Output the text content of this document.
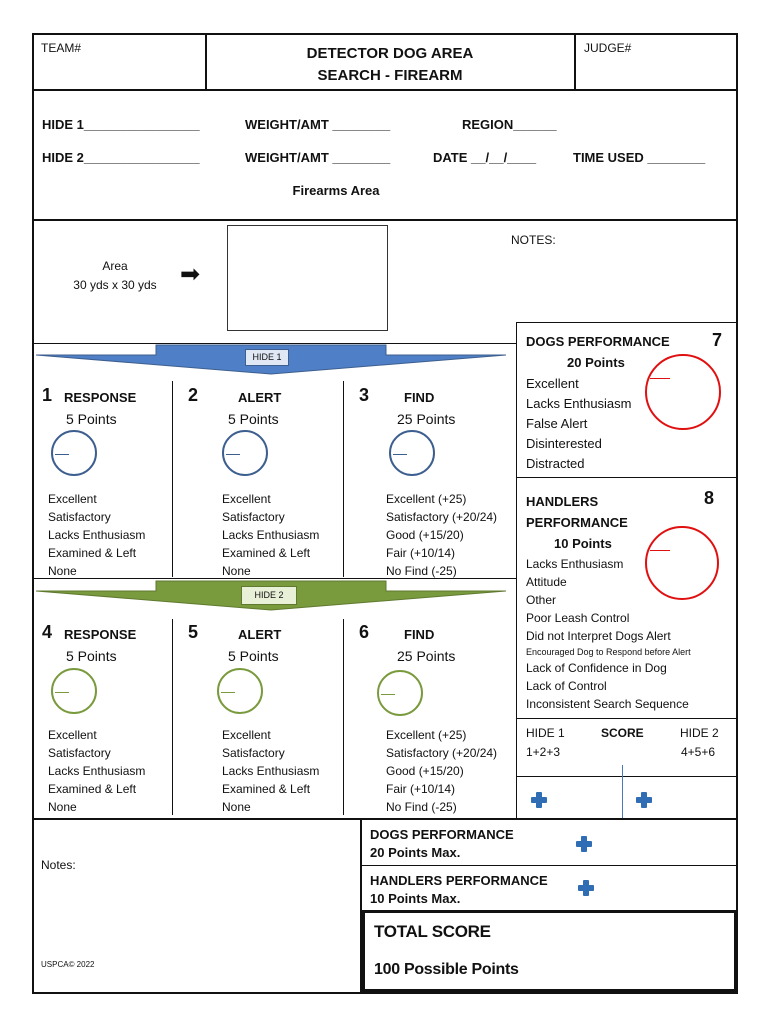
TEAM#	DETECTOR DOG AREA
SEARCH - FIREARM
JUDGE#
HIDE 1________________	WEIGHT/AMT ________	REGION______
HIDE 2________________	WEIGHT/AMT ________	DATE __/__/____	TIME USED ________
Firearms Area
Area
30 yds x 30 yds ➡
NOTES:
HIDE 1
1 RESPONSE
5 Points
Excellent
Satisfactory
Lacks Enthusiasm
Examined & Left
None
2	ALERT
5 Points
Excellent
Satisfactory
Lacks Enthusiasm
Examined & Left
None
3	FIND
25 Points
Excellent (+25)
Satisfactory (+20/24)
Good (+15/20)
Fair (+10/14)
No Find (-25)
HIDE 2
4 RESPONSE
5 Points
Excellent
Satisfactory
Lacks Enthusiasm
Examined & Left
None
5	ALERT
5 Points
Excellent
Satisfactory
Lacks Enthusiasm
Examined & Left
None
6	FIND
25 Points
Excellent (+25)
Satisfactory (+20/24)
Good (+15/20)
Fair (+10/14)
No Find (-25)
DOGS PERFORMANCE 7
20 Points
Excellent
Lacks Enthusiasm
False Alert
Disinterested
Distracted
HANDLERS	8
PERFORMANCE
10 Points
Lacks Enthusiasm
Attitude
Other
Poor Leash Control
Did not Interpret Dogs Alert
Encouraged Dog to Respond before Alert
Lack of Confidence in Dog
Lack of Control
Inconsistent Search Sequence
HIDE 1	SCORE	HIDE 2
1+2+3	4+5+6
Notes:
USPCA© 2022
DOGS PERFORMANCE
20 Points Max.
HANDLERS PERFORMANCE
10 Points Max.
TOTAL SCORE
100 Possible Points
